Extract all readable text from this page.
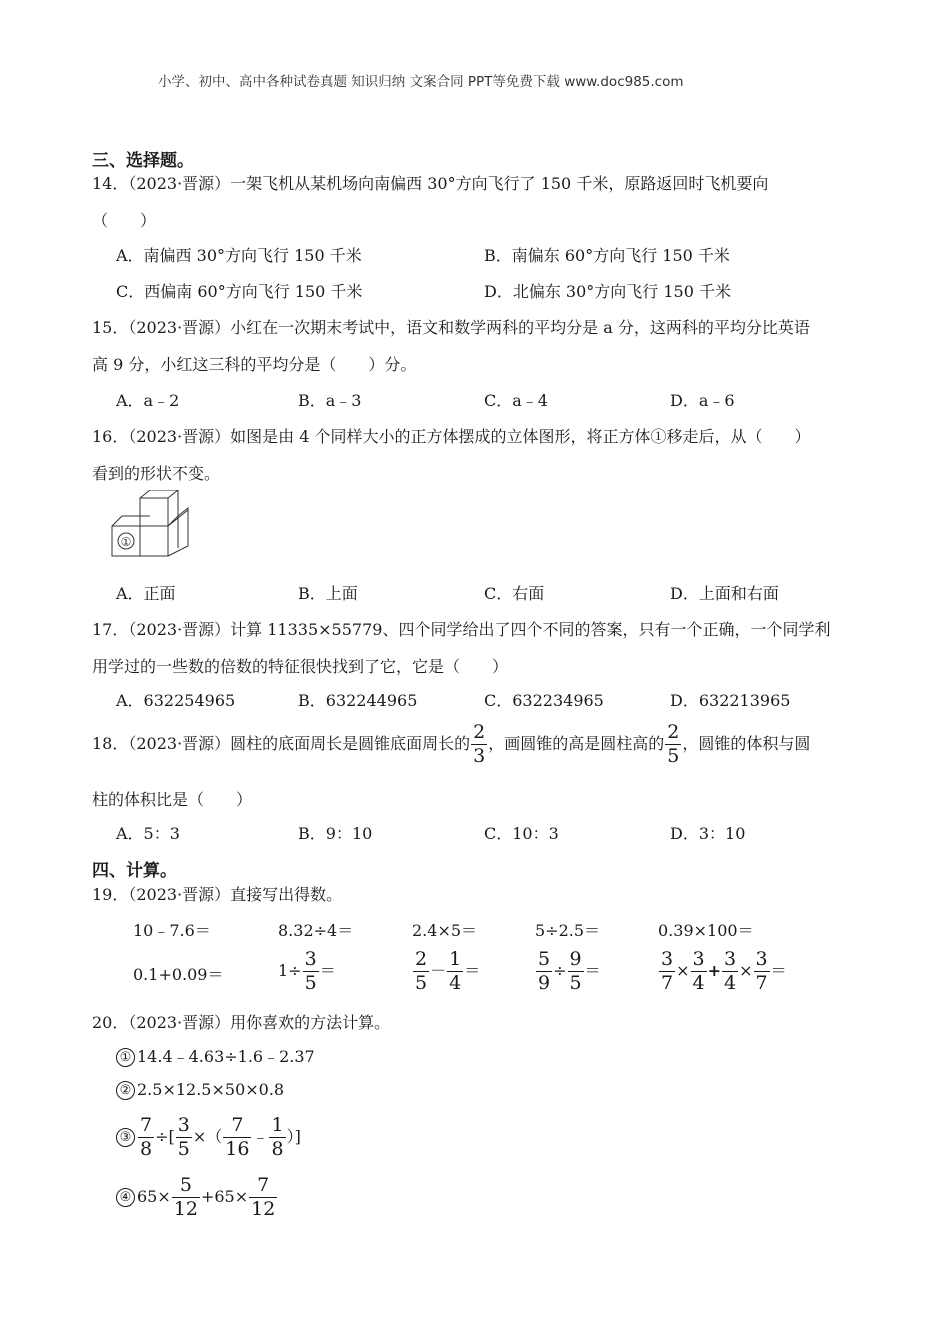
小学、初中、高中各种试卷真题 知识归纳 文案合同 PPT等免费下载 www.doc985.com
三、选择题。
14．（2023·晋源）一架飞机从某机场向南偏西 30°方向飞行了 150 千米，原路返回时飞机要向
（　　）
A．南偏西 30°方向飞行 150 千米	B．南偏东 60°方向飞行 150 千米
C．西偏南 60°方向飞行 150 千米	D．北偏东 30°方向飞行 150 千米
15．（2023·晋源）小红在一次期末考试中，语文和数学两科的平均分是 a 分，这两科的平均分比英语
高 9 分，小红这三科的平均分是（　　）分。
A．a﹣2	B．a﹣3	C．a﹣4	D．a﹣6
16．（2023·晋源）如图是由 4 个同样大小的正方体摆成的立体图形，将正方体①移走后，从（　　）
看到的形状不变。
①
A．正面	B．上面	C．右面	D．上面和右面
17．（2023·晋源）计算 11335×55779、四个同学给出了四个不同的答案，只有一个正确，一个同学利
用学过的一些数的倍数的特征很快找到了它，它是（　　）
A．632254965	B．632244965	C．632234965	D．632213965
18．（2023·晋源）圆柱的底面周长是圆锥底面周长的 $\frac{2}{3}$ ，画圆锥的高是圆柱高的 $\frac{2}{5}$ ，圆锥的体积与圆
柱的体积比是（　　）
A．5：3	B．9：10	C．10：3	D．3：10
四、计算。
19．（2023·晋源）直接写出得数。
10﹣7.6＝	8.32÷4＝	2.4×5＝	5÷2.5＝	0.39×100＝
0.1+0.09＝	$1\div \frac{3}{5}$ ＝	$\frac{2}{5} - \frac{1}{4}$ ＝	$\frac{5}{9} \div \frac{9}{5}$ ＝	$\frac{3}{7} \times \frac{3}{4} + \frac{3}{4} \times \frac{3}{7}$ ＝
20．（2023·晋源）用你喜欢的方法计算。
① 14.4﹣4.63÷1.6﹣2.37
② 2.5×12.5×50×0.8
③ $\frac{7}{8}$ ÷[ $\frac{3}{5}$ ×（ $\frac{7}{16}$ ﹣ $\frac{1}{8}$ ）]
④ $65\times \frac{5}{12} +65\times \frac{7}{12}$
